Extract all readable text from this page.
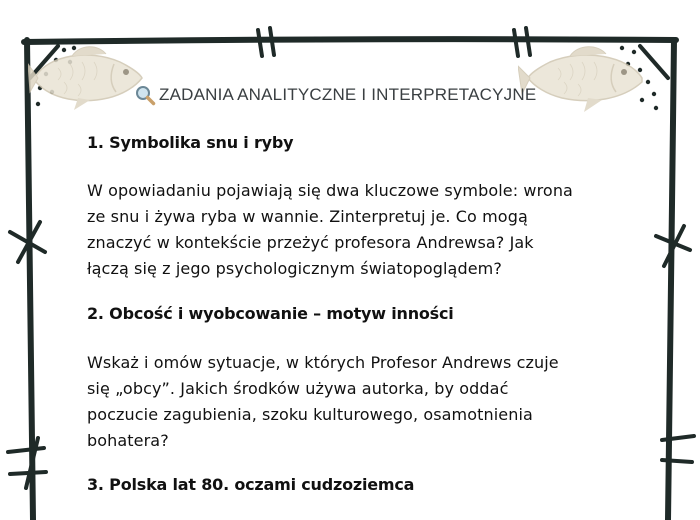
ZADANIA ANALITYCZNE I INTERPRETACYJNE

1. Symbolika snu i ryby

W opowiadaniu pojawiają się dwa kluczowe symbole: wrona
ze snu i żywa ryba w wannie. Zinterpretuj je. Co mogą
znaczyć w kontekście przeżyć profesora Andrewsa? Jak
łączą się z jego psychologicznym światopoglądem?

2. Obcość i wyobcowanie – motyw inności

Wskaż i omów sytuacje, w których Profesor Andrews czuje
się „obcy”. Jakich środków używa autorka, by oddać
poczucie zagubienia, szoku kulturowego, osamotnienia
bohatera?

3. Polska lat 80. oczami cudzoziemca
